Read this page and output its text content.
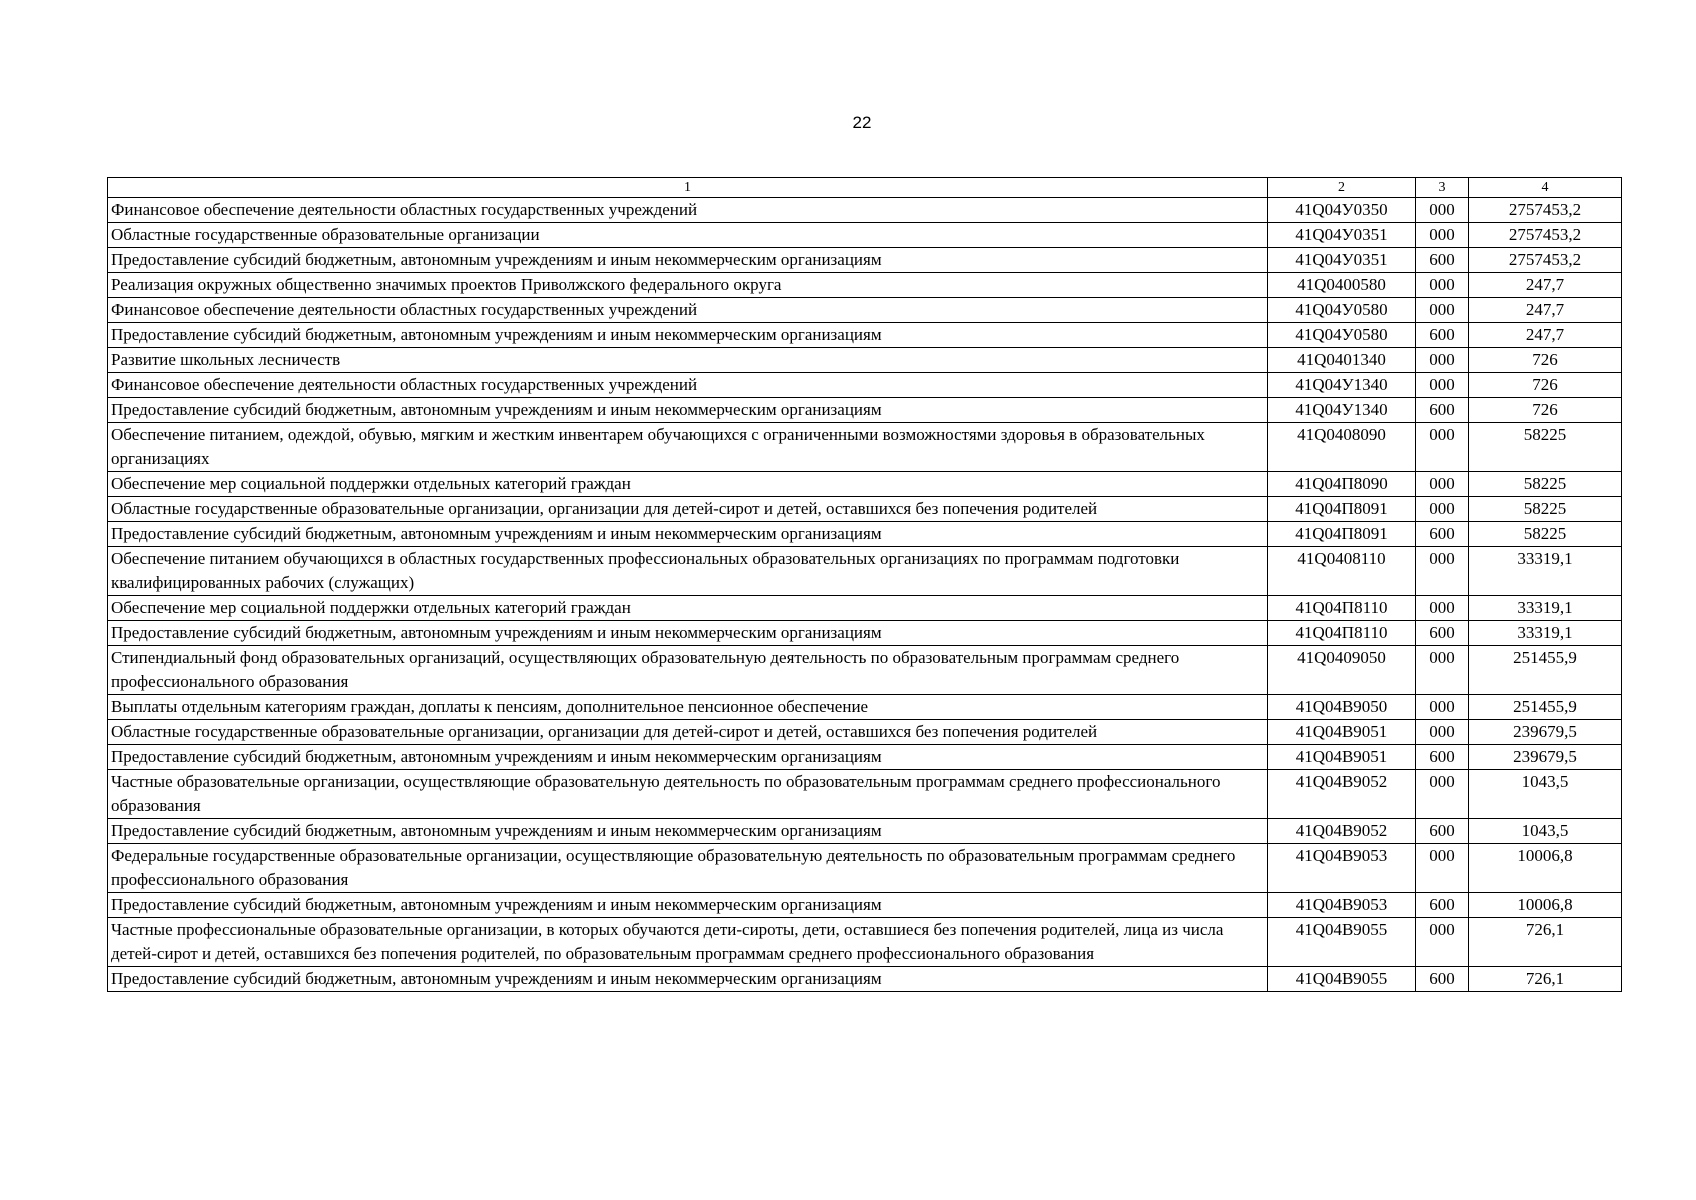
22
1	2	3	4
Финансовое обеспечение деятельности областных государственных учреждений	41Q04У0350	000	2757453,2
Областные государственные образовательные организации	41Q04У0351	000	2757453,2
Предоставление субсидий бюджетным, автономным учреждениям и иным некоммерческим организациям	41Q04У0351	600	2757453,2
Реализация окружных общественно значимых проектов Приволжского федерального округа	41Q0400580	000	247,7
Финансовое обеспечение деятельности областных государственных учреждений	41Q04У0580	000	247,7
Предоставление субсидий бюджетным, автономным учреждениям и иным некоммерческим организациям	41Q04У0580	600	247,7
Развитие школьных лесничеств	41Q0401340	000	726
Финансовое обеспечение деятельности областных государственных учреждений	41Q04У1340	000	726
Предоставление субсидий бюджетным, автономным учреждениям и иным некоммерческим организациям	41Q04У1340	600	726
Обеспечение питанием, одеждой, обувью, мягким и жестким инвентарем обучающихся с ограниченными возможностями здоровья в образовательных организациях	41Q0408090	000	58225
Обеспечение мер социальной поддержки отдельных категорий граждан	41Q04П8090	000	58225
Областные государственные образовательные организации, организации для детей-сирот и детей, оставшихся без попечения родителей	41Q04П8091	000	58225
Предоставление субсидий бюджетным, автономным учреждениям и иным некоммерческим организациям	41Q04П8091	600	58225
Обеспечение питанием обучающихся в областных государственных профессиональных образовательных организациях по программам подготовки квалифицированных рабочих (служащих)	41Q0408110	000	33319,1
Обеспечение мер социальной поддержки отдельных категорий граждан	41Q04П8110	000	33319,1
Предоставление субсидий бюджетным, автономным учреждениям и иным некоммерческим организациям	41Q04П8110	600	33319,1
Стипендиальный фонд образовательных организаций, осуществляющих образовательную деятельность по образовательным программам среднего профессионального образования	41Q0409050	000	251455,9
Выплаты отдельным категориям граждан, доплаты к пенсиям, дополнительное пенсионное обеспечение	41Q04В9050	000	251455,9
Областные государственные образовательные организации, организации для детей-сирот и детей, оставшихся без попечения родителей	41Q04В9051	000	239679,5
Предоставление субсидий бюджетным, автономным учреждениям и иным некоммерческим организациям	41Q04В9051	600	239679,5
Частные образовательные организации, осуществляющие образовательную деятельность по образовательным программам среднего профессионального образования	41Q04В9052	000	1043,5
Предоставление субсидий бюджетным, автономным учреждениям и иным некоммерческим организациям	41Q04В9052	600	1043,5
Федеральные государственные образовательные организации, осуществляющие образовательную деятельность по образовательным программам среднего профессионального образования	41Q04В9053	000	10006,8
Предоставление субсидий бюджетным, автономным учреждениям и иным некоммерческим организациям	41Q04В9053	600	10006,8
Частные профессиональные образовательные организации, в которых обучаются дети-сироты, дети, оставшиеся без попечения родителей, лица из числа детей-сирот и детей, оставшихся без попечения родителей, по образовательным программам среднего профессионального образования	41Q04В9055	000	726,1
Предоставление субсидий бюджетным, автономным учреждениям и иным некоммерческим организациям	41Q04В9055	600	726,1
